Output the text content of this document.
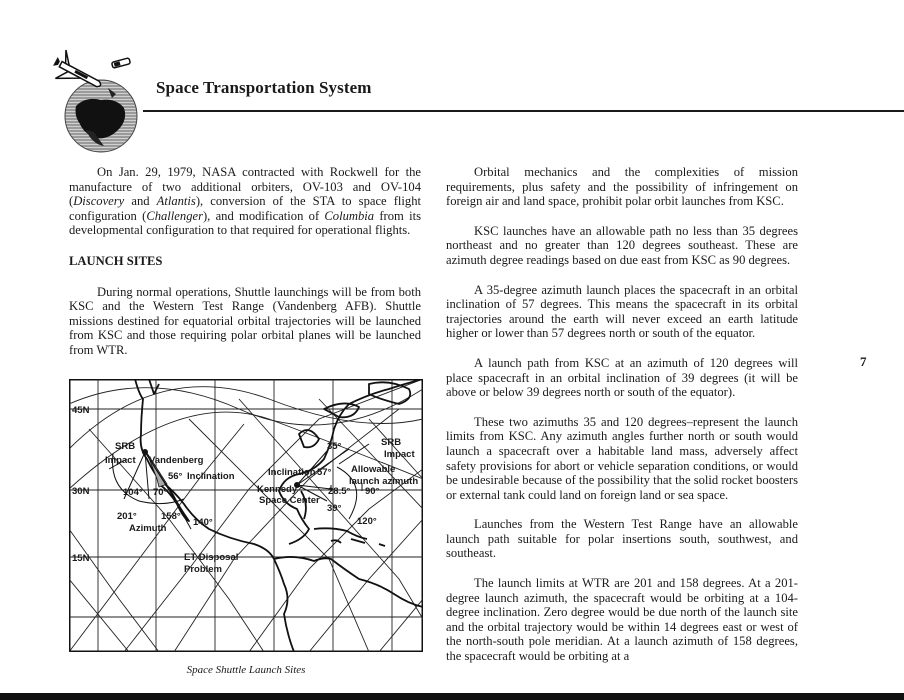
Space Transportation System

On Jan. 29, 1979, NASA contracted with Rockwell for the manufacture of two additional orbiters, OV-103 and OV-104 (Discovery and Atlantis), conversion of the STA to space flight configuration (Challenger), and modification of Columbia from its developmental configuration to that required for operational flights.

LAUNCH SITES

During normal operations, Shuttle launchings will be from both KSC and the Western Test Range (Vandenberg AFB). Shuttle missions destined for equatorial orbital trajectories will be launched from KSC and those requiring polar orbital planes will be launched from WTR.

45N
30N
15N
SRB
Impact Vandenberg
56° Inclination
104° 70°
201°	158°
140°
Azimuth
ET Disposal
Problem
Inclination 57°
35°	SRB
Impact
Allowable
launch azimuth
Kennedy
Space Center
28.5° 90°
39°
120°
Space Shuttle Launch Sites

Orbital mechanics and the complexities of mission requirements, plus safety and the possibility of infringement on foreign air and land space, prohibit polar orbit launches from KSC.

KSC launches have an allowable path no less than 35 degrees northeast and no greater than 120 degrees southeast. These are azimuth degree readings based on due east from KSC as 90 degrees.

A 35-degree azimuth launch places the spacecraft in an orbital inclination of 57 degrees. This means the spacecraft in its orbital trajectories around the earth will never exceed an earth latitude higher or lower than 57 degrees north or south of the equator.

A launch path from KSC at an azimuth of 120 degrees will place spacecraft in an orbital inclination of 39 degrees (it will be above or below 39 degrees north or south of the equator).

These two azimuths 35 and 120 degrees–represent the launch limits from KSC. Any azimuth angles further north or south would launch a spacecraft over a habitable land mass, adversely affect safety provisions for abort or vehicle separation conditions, or would be undesirable because of the possibility that the solid rocket boosters or external tank could land on foreign land or sea space.

Launches from the Western Test Range have an allowable launch path suitable for polar insertions south, southwest, and southeast.

The launch limits at WTR are 201 and 158 degrees. At a 201-degree launch azimuth, the spacecraft would be orbiting at a 104-degree inclination. Zero degree would be due north of the launch site and the orbital trajectory would be within 14 degrees east or west of the north-south pole meridian. At a launch azimuth of 158 degrees, the spacecraft would be orbiting at a

7
